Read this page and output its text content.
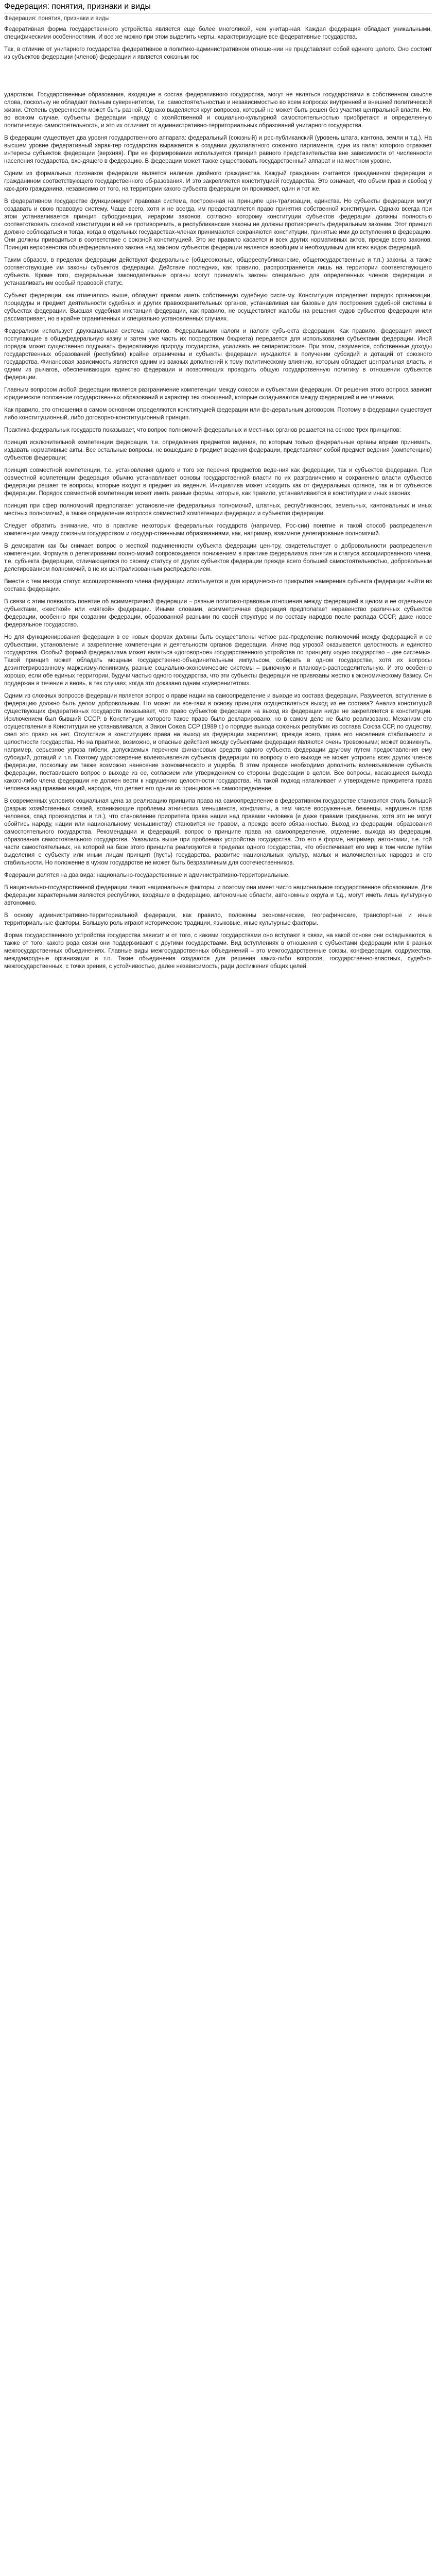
Федерация: понятия, признаки и виды
Федерация: понятия, признаки и виды

Федеративная форма государственного устройства является еще более многоликой, чем унитар-ная. Каждая федерация обладает уникальными, специфическими особенностями. И все же можно при этом выделить черты, характеризующие все федеративные государства.

Так, в отличие от унитарного государства федеративное в политико-административном отноше-нии не представляет собой единого целого. Оно состоит из субъектов федерации (членов) федерации и является союзным гос

ударством. Государственные образования, входящие в состав федеративного государства, могут не являться государствами в собственном смысле слова, поскольку не обладают полным суверенитетом, т.е. самостоятельностью и независимостью во всем вопросах внутренней и внешней политической жизни. Степень суверенности может быть разной. Однако выделяется круг вопросов, который не может быть решен без участия центральной власти. Но, во всяком случае, субъекты федерации наряду с хозяйственной и социально-культурной самостоятельностью приобретают и определенную политическую самостоятельность, и это их отличает от административно-территориальных образований унитарного государства.

В федерации существует два уровня государственного аппарата: федеральный (союзный) и рес-публиканский (уровень штата, кантона, земли и т.д.). На высшем уровне федеративный харак-тер государства выражается в создании двухпалатного союзного парламента, одна из палат которого отражает интересы субъектов федерации (верхняя). При ее формировании используется принцип равного представительства вне зависимости от численности населения государства, вхо-дящего в федерацию. В федерации может также существовать государственный аппарат и на местном уровне.

Одним из формальных признаков федерации является наличие двойного гражданства. Каждый гражданин считается гражданином федерации и гражданином соответствующего государственного об-разования. И это закрепляется конституцией государства. Это означает, что объем прав и свобод у каж-дого гражданина, независимо от того, на территории какого субъекта федерации он проживает, один и тот же.

В федеративном государстве функционирует правовая система, построенная на принципе цен-трализации, единства. Но субъекты федерации могут создавать и свою правовую систему. Чаще всего, хотя и не всегда, им предоставляется право принятия собственной конституции. Однако всегда при этом устанавливается принцип субординации, иерархии законов, согласно которому конституции субъектов федерации должны полностью соответствовать союзной конституции и ей не противоречить, а республиканские законы не должны противоречить федеральным законам. Этот принцип должно соблюдаться и тогда, когда в отдельных государствах-членах принимаются сохраняются конституции, принятые ими до вступления в федерацию. Они должны приводиться в соответствие с союзной конституцией. Это же правило касается и всех других нормативных актов, прежде всего законов. Принцип верховенства общефедерального закона над законом субъектов федерации является всеобщим и необходимым для всех видов федераций.

Таким образом, в пределах федерации действуют федеральные (общесоюзные, общереспубликанские, общегосударственные и т.п.) законы, а также соответствующие им законы субъектов федерации. Действие последних, как правило, распространяется лишь на территории соответствующего субъекта. Кроме того, федеральные законодательные органы могут принимать законы специально для определенных членов федерации и устанавливать им особый правовой статус.

Субъект федерации, как отмечалось выше, обладает правом иметь собственную судебную систе-му. Конституция определяет порядок организации, процедуры и предмет деятельности судебных и других правоохранительных органов, устанавливая как базовые для построения судебной системы в субъектах федерации. Высшая судебная инстанция федерации, как правило, не осуществляет жалобы на решения судов субъектов федерации или рассматривает, но в крайне ограниченных и специально установленных случаях.

Федерализм использует двухканальная система налогов. Федеральными налоги и налоги субъ-екта федерации. Как правило, федерация имеет поступающие в общефедеральную казну и затем уже часть их посредством бюджета) передается для использования субъектами федерации. Иной порядок может существенно подрывать федеративную природу государства, усиливать ее сепаратистские. При этом, разумеется, собственные доходы государственных образований (республик) крайне ограничены и субъекты федерации нуждаются в получении субсидий и дотаций от союзного государства. Финансовая зависимость является одним из важных дополнений к тому политическому влиянию, которым обладает центральная власть, и одним из рычагов, обеспечивающих единство федерации и позволяющих проводить общую государственную политику в отношении субъектов федерации.

Главным вопросом любой федерации является разграничение компетенции между союзом и субъектами федерации. От решения этого вопроса зависит юридическое положение государственных образований и характер тех отношений, которые складываются между федерацией и ее членами.

Как правило, это отношения в самом основном определяются конституцией федерации или фе-деральным договором. Поэтому в федерации существует либо конституционный, либо договорно-конституционный принцип.

Практика федеральных государств показывает, что вопрос полномочий федеральных и мест-ных органов решается на основе трех принципов:

принцип исключительной компетенции федерации, т.е. определения предметов ведения, по которым только федеральные органы вправе принимать, издавать нормативные акты. Все остальные вопросы, не вошедшие в предмет ведения федерации, представляют собой предмет ведения (компетенцию) субъектов федерации;

принцип совместной компетенции, т.е. установления одного и того же перечня предметов веде-ния как федерации, так и субъектов федерации. При совместной компетенции федерация обычно устанавливает основы государственной власти по их разграничению и сохранению власти субъектов федерации решает те вопросы, которые входят в предмет их ведения. Инициатива может исходить как от федеральных органов, так и от субъектов федерации. Порядок совместной компетенции может иметь разные формы, которые, как правило, устанавливаются в конституции и иных законах;

принцип при сфер полномочий предполагает установление федеральных полномочий, штатных, республиканских, земельных, кантональных и иных местных полномочий, а также определение вопросов совместной компетенции федерации и субъектов федерации.

Следует обратить внимание, что в практике некоторых федеральных государств (например, Рос-сии) понятие и такой способ распределения компетенции между союзным государством и государ-ственными образованиями, как, например, взаимное делегирование полномочий.

В демократии как бы снимает вопрос о жесткой подчиненности субъекта федерации цен-тру, свидетельствует о добровольности распределения компетенции. Формула о делегировании полно-мочий сопровождается понижением в практике федерализма понятия и статуса ассоциированного члена, т.е. субъекта федерации, отличающегося по своему статусу от других субъектов федерации прежде всего большей самостоятельностью, добровольным делегированием полномочий, в не их централизованным распределением.

Вместе с тем иногда статус ассоциированного члена федерации используется и для юридическо-го прикрытия намерения субъекта федерации выйти из состава федерации.

В связи с этим появилось понятие об асимметричной федерации – разные политико-правовые отношения между федерацией в целом и ее отдельными субъектами, «жесткой» или «мягкой» федерации. Иными словами, асимметричная федерация предполагает неравенство различных субъектов федерации, особенно при создании федерации, образованной разными по своей структуре и по составу народов после распада СССР, даже новое федеральное государство.

Но для функционирования федерации в ее новых формах должны быть осуществлены четкое рас-пределение полномочий между федерацией и ее субъектами, установление и закрепление компетенции и деятельности органов федерации. Иначе под угрозой оказывается целостность и единство государства. Особый формой федерализма может являться «договорное» государственного устройства по принципу «одно государство – две системы». Такой принцип может обладать мощным государственно-объединительным импульсом, собирать в одном государстве, хотя их вопросы дезинтегрированному марксизму-ленинизму, разные социально-экономические системы – рыночную и плановую-распределительную. И это особенно хорошо, если обе единых территории, будучи частью одного государства, что эти субъекты федерации не привязаны жестко к экономическому базису. Он поддержан в течение и вновь, в тех случаях, когда это доказано одним «суверенитетом».

Одним из сложных вопросов федерации является вопрос о праве нации на самоопределение и выходе из состава федерации. Разумеется, вступление в федерацию должно быть делом добровольным. Но может ли все-таки в основу принципа осуществляться выход из ее состава? Анализ конституций существующих федеративных государств показывает, что право субъектов федерации на выход из федерации нигде не закрепляется в конституции. Исключением был бывший СССР, в Конституции которого такое право было декларировано, но в самом деле не было реализовано. Механизм его осуществления в Конституции не устанавливался, а Закон Союза ССР (1989 г.) о порядке выхода союзных республик из состава Союза ССР, по существу, свел это право на нет. Отсутствие в конституциях права на выход из федерации закрепляет, прежде всего, права его населения стабильности и целостности государства. Но на практике, возможно, и опасные действия между субъектами федерации являются очень тревожными; может возникнуть, например, серьезное угроза гибели, допускаемых перечнем финансовых средств одного субъекта федерации другому путем предоставления ему субсидий, дотаций и т.п. Поэтому удостоверение волеизъявления субъекта федерации по вопросу о его выходе не может устроить всех других членов федерации, поскольку им также возможно нанесение экономического и ущерба. В этом процессе необходимо дополнить волеизъявление субъекта федерации, поставившего вопрос о выходе из ее, согласием или утверждением со стороны федерации в целом. Все вопросы, касающиеся выхода какого-либо члена федерации не должен вести к нарушению целостности государства. На такой подход наталкивает и утверждение приоритета права человека над правами наций, народов, что делает его одним из принципов на самоопределение.

В современных условиях социальная цена за реализацию принципа права на самоопределение в федеративном государстве становится столь большой (разрыв хозяйственных связей, возникающие проблемы этнических меньшинств, конфликты, а тем числе вооруженные, беженцы, нарушения прав человека, спад производства и т.п.), что становление приоритета права нации над правами человека (и даже правами гражданина, хотя это не могут обойтись народу, нации или национальному меньшинству) становится не правом, а прежде всего обязанностью. Выход из федерации, образования самостоятельного государства. Рекомендации и федераций, вопрос о принципе права на самоопределение, отделение, выхода из федерации, образования самостоятельного государства. Указались выше при проблемах устройства государства. Это его в форме, например, автономии, т.е. той части самостоятельных, на которой на базе этого принципа реализуются в пределах одного государства, что обеспечивает его мир в том числе путём выделения с субъекту или иным лицам принцип (пусть) государства, развитие национальных культур, малых и малочисленных народов и его стабильности. Но положение в чужом государстве не может быть безразличным для соотечественников.

Федерации делятся на два вида: национально-государственные и административно-территориальные.

В национально-государственной федерации лежит национальные факторы, и поэтому она имеет чисто национальное государственное образование. Для федерации характерными являются республики, входящие в федерацию, автономные области, автономные округа и т.д., могут иметь лишь культурную автономию.

В основу административно-территориальной федерации, как правило, положены экономические, географические, транспортные и иные территориальные факторы. Большую роль играют исторические традиции, языковые, иные культурные факторы.

Форма государственного устройства государства зависит и от того, с какими государствами оно вступают в связи, на какой основе они складываются, а также от того, какого рода связи они поддерживают с другими государствами. Вид вступлениях в отношения с субъектами федерации или в разных межгосударственных объединениях. Главные виды межгосударственных объединений – это межгосударственные союзы, конфедерации, содружества, международные организации и т.п. Такие объединения создаются для решения каких-либо вопросов, государственно-властных, судебно-межгосударственных, с точки зрения, с устойчивостью, далее независимость, ради достижения общих целей.
